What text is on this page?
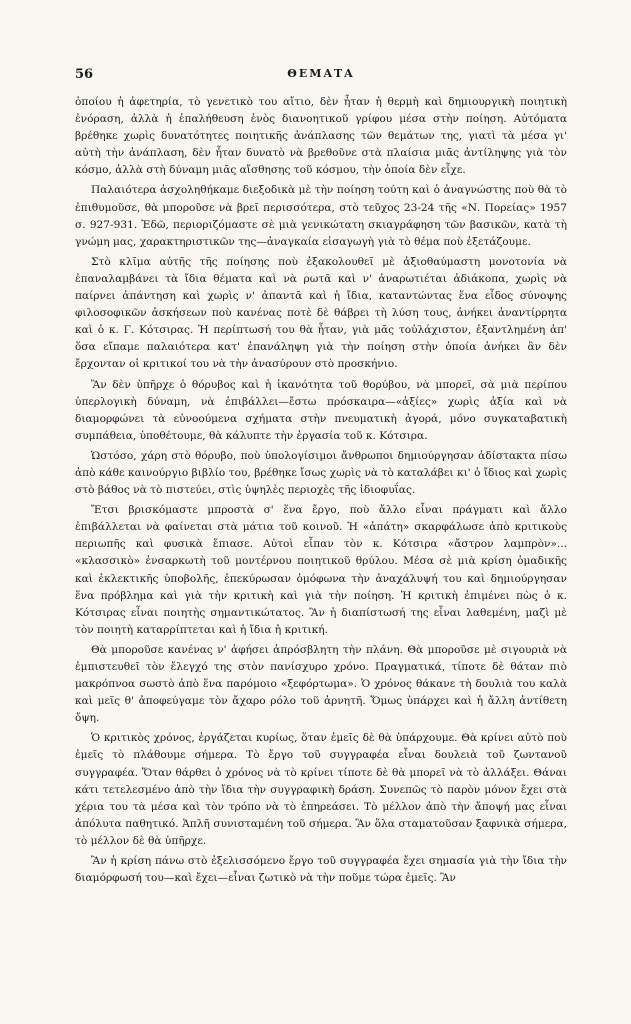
56	ΘΕΜΑΤΑ

ὁποίου ἡ ἀφετηρία, τὸ γενετικὸ του αἴτιο, δὲν ἦταν ἡ θερμὴ καὶ δημιουργικὴ ποιητικὴ ἐνόραση, ἀλλὰ ἡ ἐπαλήθευση ἑνὸς διανοητικοῦ γρίφου μέσα στὴν ποίηση. Αὐτόματα βρέθηκε χωρὶς δυνατότητες ποιητικῆς ἀνάπλασης τῶν θεμάτων της, γιατὶ τὰ μέσα γι' αὐτὴ τὴν ἀνάπλαση, δὲν ἦταν δυνατὸ νὰ βρεθοῦνε στὰ πλαίσια μιᾶς ἀντίληψης γιὰ τὸν κόσμο, ἀλλὰ στὴ δύναμη μιᾶς αἴσθησης τοῦ κόσμου, τὴν ὁποία δὲν εἶχε.

Παλαιότερα ἀσχοληθήκαμε διεξοδικὰ μὲ τὴν ποίηση τούτη καὶ ὁ ἀναγνώστης ποὺ θὰ τὸ ἐπιθυμοῦσε, θὰ μποροῦσε νὰ βρεῖ περισσότερα, στὸ τεῦχος 23-24 τῆς «Ν. Πορείας» 1957 σ. 927-931. Ἐδῶ, περιοριζόμαστε σὲ μιὰ γενικώτατη σκιαγράφηση τῶν βασικῶν, κατὰ τὴ γνώμη μας, χαρακτηριστικῶν της—ἀναγκαία εἰσαγωγὴ γιὰ τὸ θέμα ποὺ ἐξετάζουμε.

Στὸ κλῖμα αὐτῆς τῆς ποίησης ποὺ ἐξακολουθεῖ μὲ ἀξιοθαύμαστη μονοτονία νὰ ἐπαναλαμβάνει τὰ ἴδια θέματα καὶ νὰ ρωτᾶ καὶ ν' ἀναρωτιέται ἀδιάκοπα, χωρὶς νὰ παίρνει ἀπάντηση καὶ χωρὶς ν' ἀπαντᾶ καὶ ἡ ἴδια, καταντώντας ἕνα εἶδος σύνοψης φιλοσοφικῶν ἀσκήσεων ποὺ κανένας ποτὲ δὲ θάβρει τὴ λύση τους, ἀνήκει ἀναντίρρητα καὶ ὁ κ. Γ. Κότσιρας. Ἡ περίπτωσή του θὰ ἦταν, γιὰ μᾶς τοὐλάχιστον, ἐξαντλημένη ἀπ' ὅσα εἴπαμε παλαιότερα κατ' ἐπανάληψη γιὰ τὴν ποίηση στὴν ὁποία ἀνήκει ἂν δὲν ἔρχονταν οἱ κριτικοί του νὰ τὴν ἀνασύρουν στὸ προσκήνιο.

Ἂν δὲν ὑπῆρχε ὁ θόρυβος καὶ ἡ ἱκανότητα τοῦ θορύβου, νὰ μπορεῖ, σὰ μιὰ περίπου ὑπερλογικὴ δύναμη, νὰ ἐπιβάλλει—ἔστω πρόσκαιρα—«ἀξίες» χωρὶς ἀξία καὶ νὰ διαμορφώνει τὰ εὐνοούμενα σχήματα στὴν πνευματικὴ ἀγορά, μόνο συγκαταβατικὴ συμπάθεια, ὑποθέτουμε, θὰ κάλυπτε τὴν ἐργασία τοῦ κ. Κότσιρα.

Ὡστόσο, χάρη στὸ θόρυβο, ποὺ ὑπολογίσιμοι ἄνθρωποι δημιούργησαν ἀδίστακτα πίσω ἀπὸ κάθε καινούργιο βιβλίο του, βρέθηκε ἴσως χωρὶς νὰ τὸ καταλάβει κι' ὁ ἴδιος καὶ χωρὶς στὸ βάθος νὰ τὸ πιστεύει, στὶς ὑψηλὲς περιοχὲς τῆς ἰδιοφυΐας.

Ἔτσι βρισκόμαστε μπροστὰ σ' ἕνα ἔργο, ποὺ ἄλλο εἶναι πράγματι καὶ ἄλλο ἐπιβάλλεται νὰ φαίνεται στὰ μάτια τοῦ κοινοῦ. Ἡ «ἀπάτη» σκαρφάλωσε ἀπὸ κριτικοὺς περιωπῆς καὶ φυσικὰ ἔπιασε. Αὐτοὶ εἶπαν τὸν κ. Κότσιρα «ἄστρον λαμπρὸν»... «κλασσικὸ» ἐνσαρκωτὴ τοῦ μοντέρνου ποιητικοῦ θρύλου. Μέσα σὲ μιὰ κρίση ὁμαδικῆς καὶ ἐκλεκτικῆς ὑποβολῆς, ἐπεκύρωσαν ὁμόφωνα τὴν ἀναχάλυψή του καὶ δημιούργησαν ἕνα πρόβλημα καὶ γιὰ τὴν κριτικὴ καὶ γιὰ τὴν ποίηση. Ἡ κριτικὴ ἐπιμένει πὼς ὁ κ. Κότσιρας εἶναι ποιητὴς σημαντικώτατος. Ἂν ἡ διαπίστωσή της εἶναι λαθεμένη, μαζὶ μὲ τὸν ποιητὴ καταρρίπτεται καὶ ἡ ἴδια ἡ κριτική.

Θὰ μποροῦσε κανένας ν' ἀφήσει ἀπρόσβλητη τὴν πλάνη. Θὰ μποροῦσε μὲ σιγουριὰ νὰ ἐμπιστευθεῖ τὸν ἔλεγχό της στὸν πανίσχυρο χρόνο. Πραγματικά, τίποτε δὲ θάταν πιὸ μακρόπνοα σωστὸ ἀπὸ ἕνα παρόμοιο «ξεφόρτωμα». Ὁ χρόνος θάκανε τὴ δουλιὰ του καλὰ καὶ μεῖς θ' ἀποφεύγαμε τὸν ἄχαρο ρόλο τοῦ ἀρνητῆ. Ὅμως ὑπάρχει καὶ ἡ ἄλλη ἀντίθετη ὄψη.

Ὁ κριτικὸς χρόνος, ἐργάζεται κυρίως, ὅταν ἐμεῖς δὲ θὰ ὑπάρχουμε. Θὰ κρίνει αὐτὸ ποὺ ἐμεῖς τὸ πλάθουμε σήμερα. Τὸ ἔργο τοῦ συγγραφέα εἶναι δουλειὰ τοῦ ζωντανοῦ συγγραφέα. Ὅταν θάρθει ὁ χρόνος νὰ τὸ κρίνει τίποτε δὲ θὰ μπορεῖ νὰ τὸ ἀλλάξει. Θάναι κάτι τετελεσμένο ἀπὸ τὴν ἴδια τὴν συγγραφικὴ δράση. Συνεπῶς τὸ παρὸν μόνον ἔχει στὰ χέρια του τὰ μέσα καὶ τὸν τρόπο νὰ τὸ ἐπηρεάσει. Τὸ μέλλον ἀπὸ τὴν ἄποψή μας εἶναι ἀπόλυτα παθητικό. Ἁπλῆ συνισταμένη τοῦ σήμερα. Ἂν ὅλα σταματοῦσαν ξαφνικὰ σήμερα, τὸ μέλλον δὲ θὰ ὑπῆρχε.

Ἂν ἡ κρίση πάνω στὸ ἐξελισσόμενο ἔργο τοῦ συγγραφέα ἔχει σημασία γιὰ τὴν ἴδια τὴν διαμόρφωσή του—καὶ ἔχει—εἶναι ζωτικὸ νὰ τὴν ποῦμε τώρα ἐμεῖς. Ἂν
